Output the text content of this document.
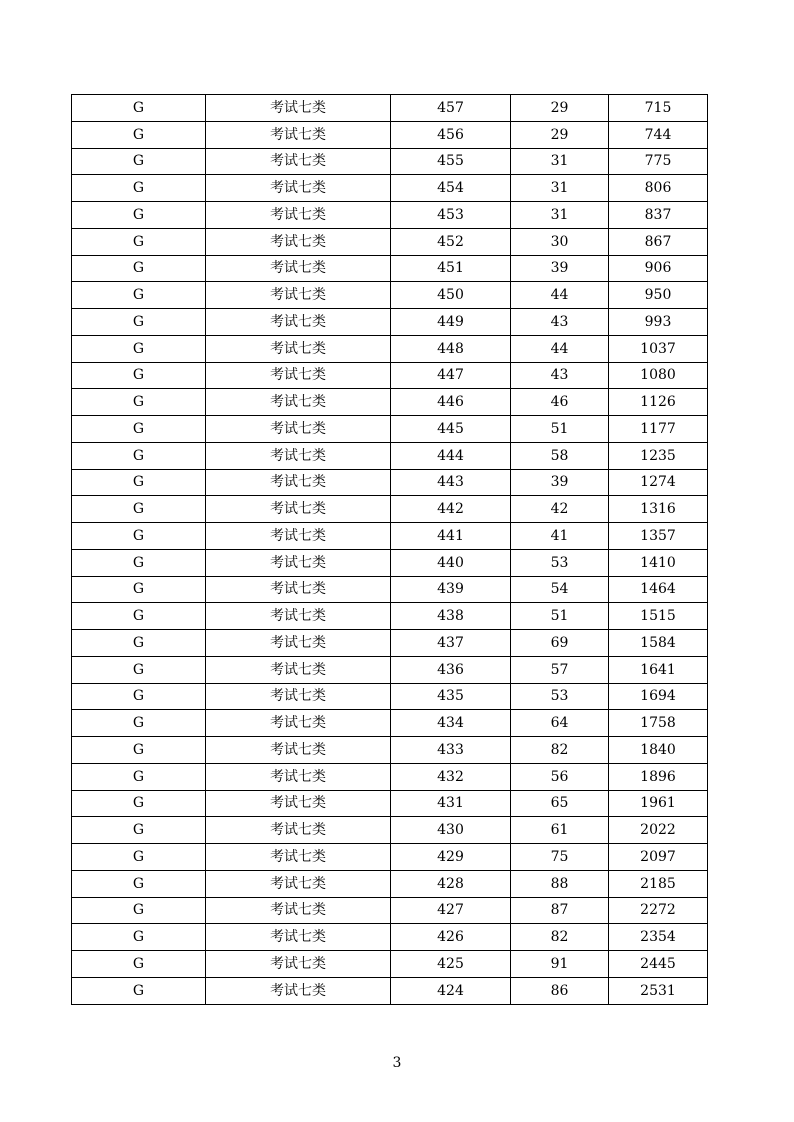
G	考试七类	457	29	715
G	考试七类	456	29	744
G	考试七类	455	31	775
G	考试七类	454	31	806
G	考试七类	453	31	837
G	考试七类	452	30	867
G	考试七类	451	39	906
G	考试七类	450	44	950
G	考试七类	449	43	993
G	考试七类	448	44	1037
G	考试七类	447	43	1080
G	考试七类	446	46	1126
G	考试七类	445	51	1177
G	考试七类	444	58	1235
G	考试七类	443	39	1274
G	考试七类	442	42	1316
G	考试七类	441	41	1357
G	考试七类	440	53	1410
G	考试七类	439	54	1464
G	考试七类	438	51	1515
G	考试七类	437	69	1584
G	考试七类	436	57	1641
G	考试七类	435	53	1694
G	考试七类	434	64	1758
G	考试七类	433	82	1840
G	考试七类	432	56	1896
G	考试七类	431	65	1961
G	考试七类	430	61	2022
G	考试七类	429	75	2097
G	考试七类	428	88	2185
G	考试七类	427	87	2272
G	考试七类	426	82	2354
G	考试七类	425	91	2445
G	考试七类	424	86	2531
3
